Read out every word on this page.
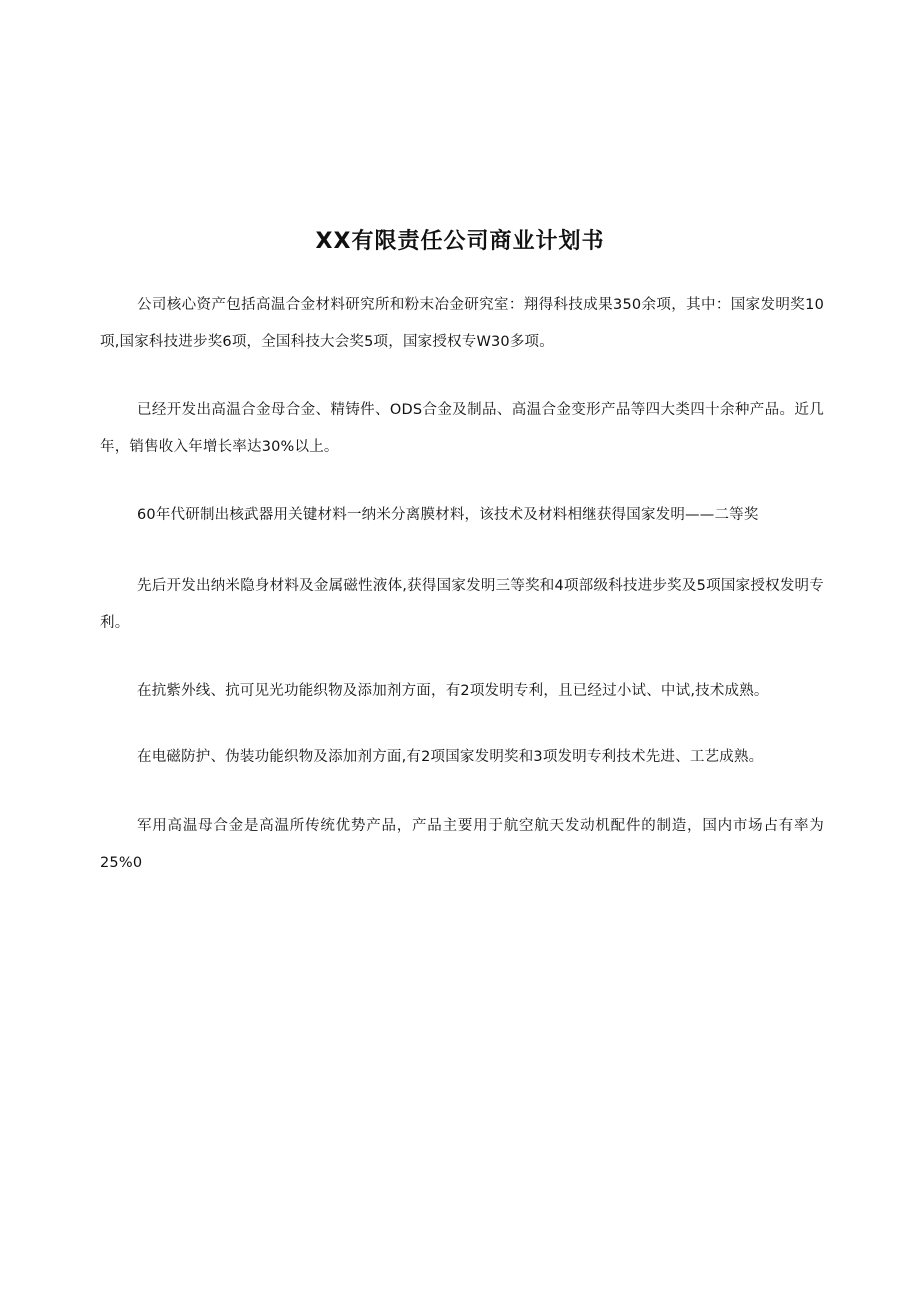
XX有限责任公司商业计划书

公司核心资产包括高温合金材料研究所和粉末冶金研究室：翔得科技成果350余项，其中：国家发明奖10项,国家科技进步奖6项，全国科技大会奖5项，国家授权专W30多项。

已经开发出高温合金母合金、精铸件、ODS合金及制品、高温合金变形产品等四大类四十余种产品。近几年，销售收入年增长率达30%以上。

60年代研制出核武器用关键材料一纳米分离膜材料，该技术及材料相继获得国家发明——二等奖

先后开发出纳米隐身材料及金属磁性液体,获得国家发明三等奖和4项部级科技进步奖及5项国家授权发明专利。

在抗紫外线、抗可见光功能织物及添加剂方面，有2项发明专利，且已经过小试、中试,技术成熟。

在电磁防护、伪装功能织物及添加剂方面,有2项国家发明奖和3项发明专利技术先进、工艺成熟。

军用高温母合金是高温所传统优势产品，产品主要用于航空航天发动机配件的制造，国内市场占有率为25%0
